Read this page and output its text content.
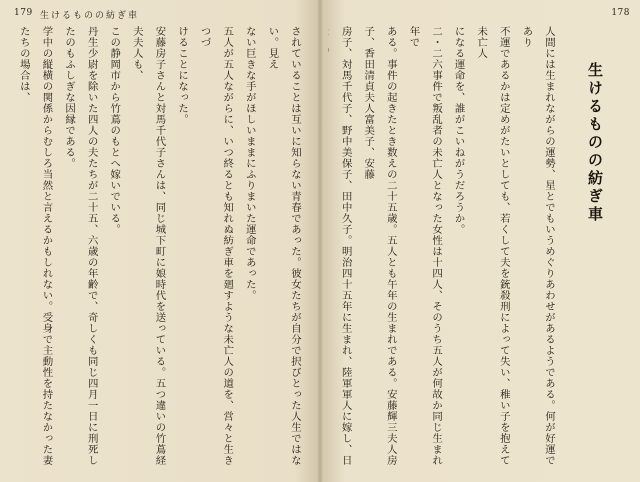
179 生けるものの紡ぎ車
されていることは互いに知らない青春であった。彼女たちが自分で択びとった人生ではない。見え
ない巨きな手がほしいままにふりまいた運命であった。
五人が五人ながらに、いつ終るとも知れぬ紡ぎ車を廻すような未亡人の道を、営々と生きつづ
けることになった。
安藤房子さんと対馬千代子さんは、同じ城下町に娘時代を送っている。五つ違いの竹蔦経夫夫人も、
この静岡市から竹蔦のもとへ嫁いでいる。
丹生少尉を除いた四人の夫たちが二十五、六歳の年齢で、奇しくも同じ四月一日に刑死したのもふしぎな因縁である。
学中の縦横の関係からむしろ当然と言えるかもしれない。受身で主動性を持たなかった妻たちの場合は、

178
生けるものの紡ぎ車
人間には生まれながらの運勢、星とでもいうめぐりあわせがあるようである。何が好運であり
不運であるかは定めがたいとしても、若くして夫を銃殺刑によって失い、稚い子を抱えて未亡人
になる運命を、誰がこいねがうだろうか。
二・二六事件で叛乱者の未亡人となった女性は十四人、そのうち五人が何故か同じ生まれ年で
ある。事件の起きたとき数えの二十五歳。五人とも午年の生まれである。安藤輝三夫人房子、香田清貞夫人富美子、安藤
房子、対馬千代子、野中美保子、田中久子。明治四十五年に生まれ、陸軍軍人に嫁し、日
